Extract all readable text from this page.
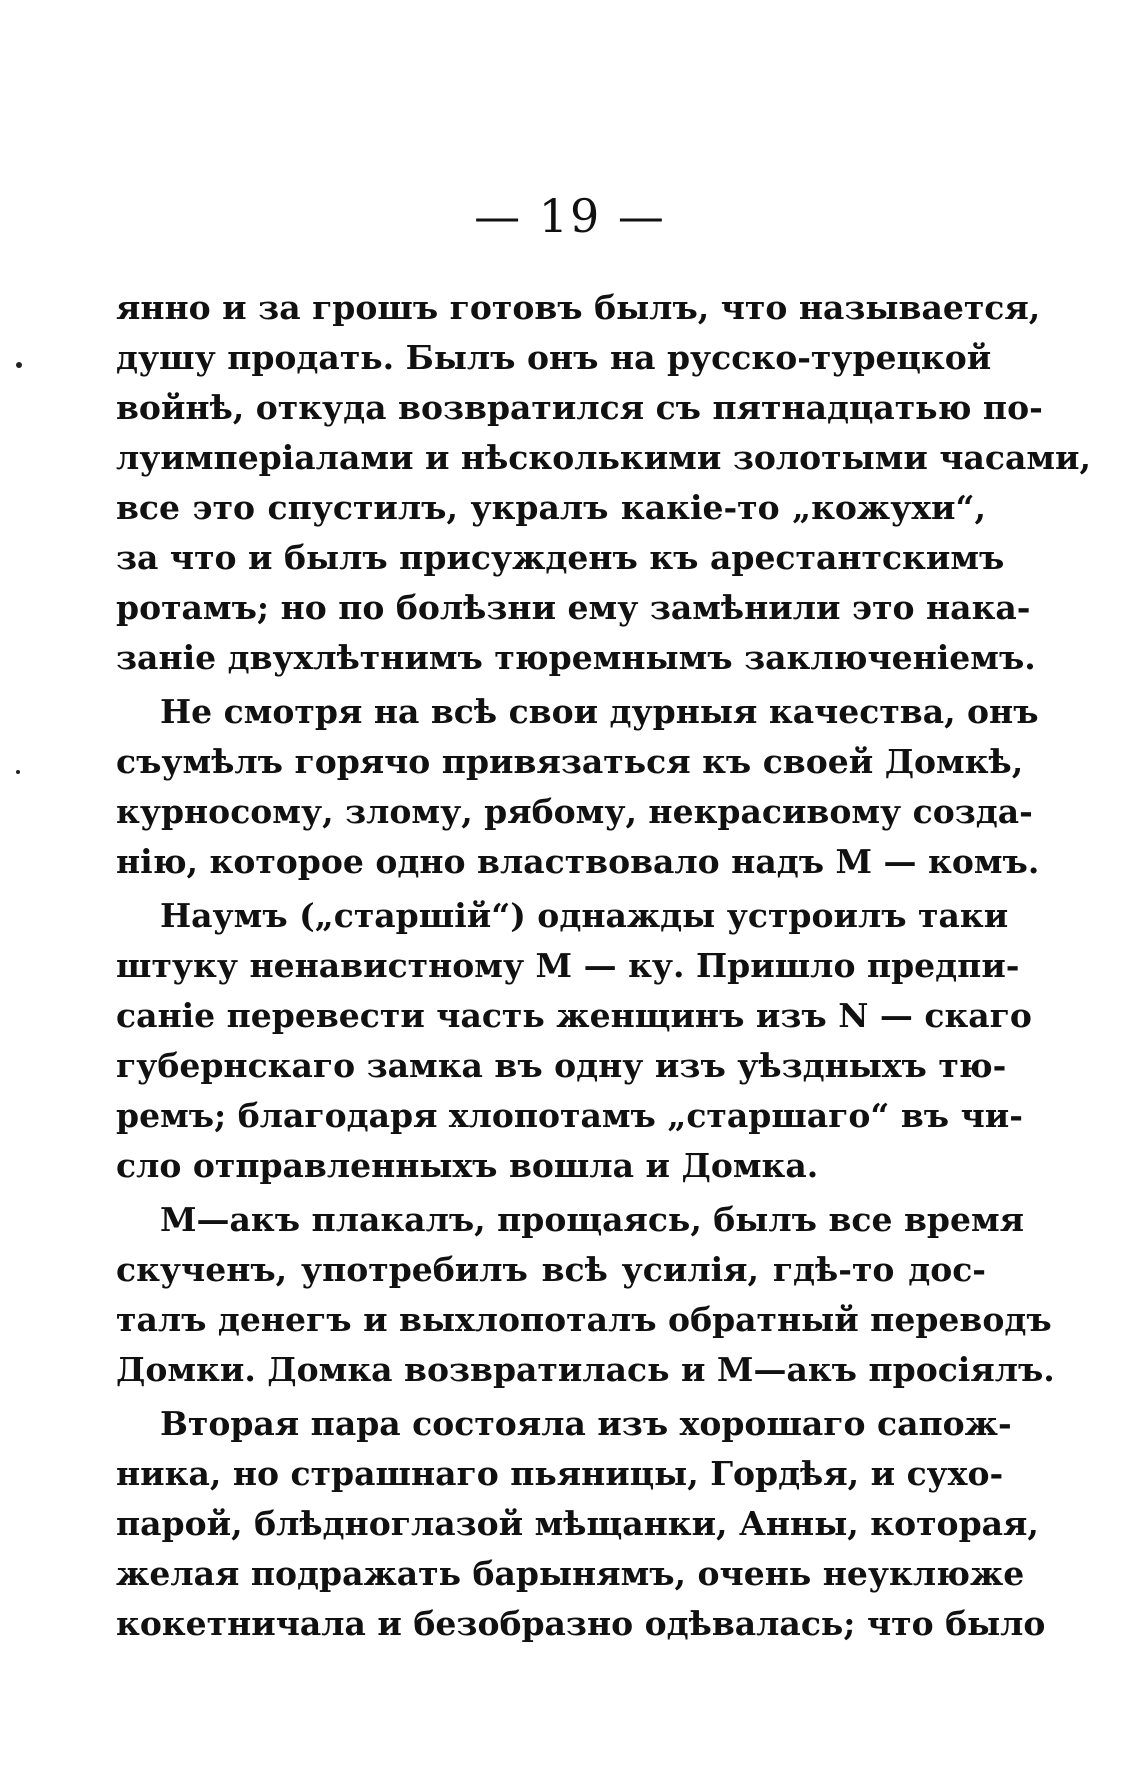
— 19 —
янно и за грошъ готовъ былъ, что называется,
душу продать. Былъ онъ на русско-турецкой
войнѣ, откуда возвратился съ пятнадцатью по-
луимперіалами и нѣсколькими золотыми часами,
все это спустилъ, укралъ какіе-то „кожухи“,
за что и былъ присужденъ къ арестантскимъ
ротамъ; но по болѣзни ему замѣнили это нака-
заніе двухлѣтнимъ тюремнымъ заключеніемъ.
Не смотря на всѣ свои дурныя качества, онъ
съумѣлъ горячо привязаться къ своей Домкѣ,
курносому, злому, рябому, некрасивому созда-
нію, которое одно властвовало надъ М — комъ.
Наумъ („старшій“) однажды устроилъ таки
штуку ненавистному М — ку. Пришло предпи-
саніе перевести часть женщинъ изъ N — скаго
губернскаго замка въ одну изъ уѣздныхъ тю-
ремъ; благодаря хлопотамъ „старшаго“ въ чи-
сло отправленныхъ вошла и Домка.
М—акъ плакалъ, прощаясь, былъ все время
скученъ, употребилъ всѣ усилія, гдѣ-то дос-
талъ денегъ и выхлопоталъ обратный переводъ
Домки. Домка возвратилась и М—акъ просіялъ.
Вторая пара состояла изъ хорошаго сапож-
ника, но страшнаго пьяницы, Гордѣя, и сухо-
парой, блѣдноглазой мѣщанки, Анны, которая,
желая подражать барынямъ, очень неуклюже
кокетничала и безобразно одѣвалась; что было
